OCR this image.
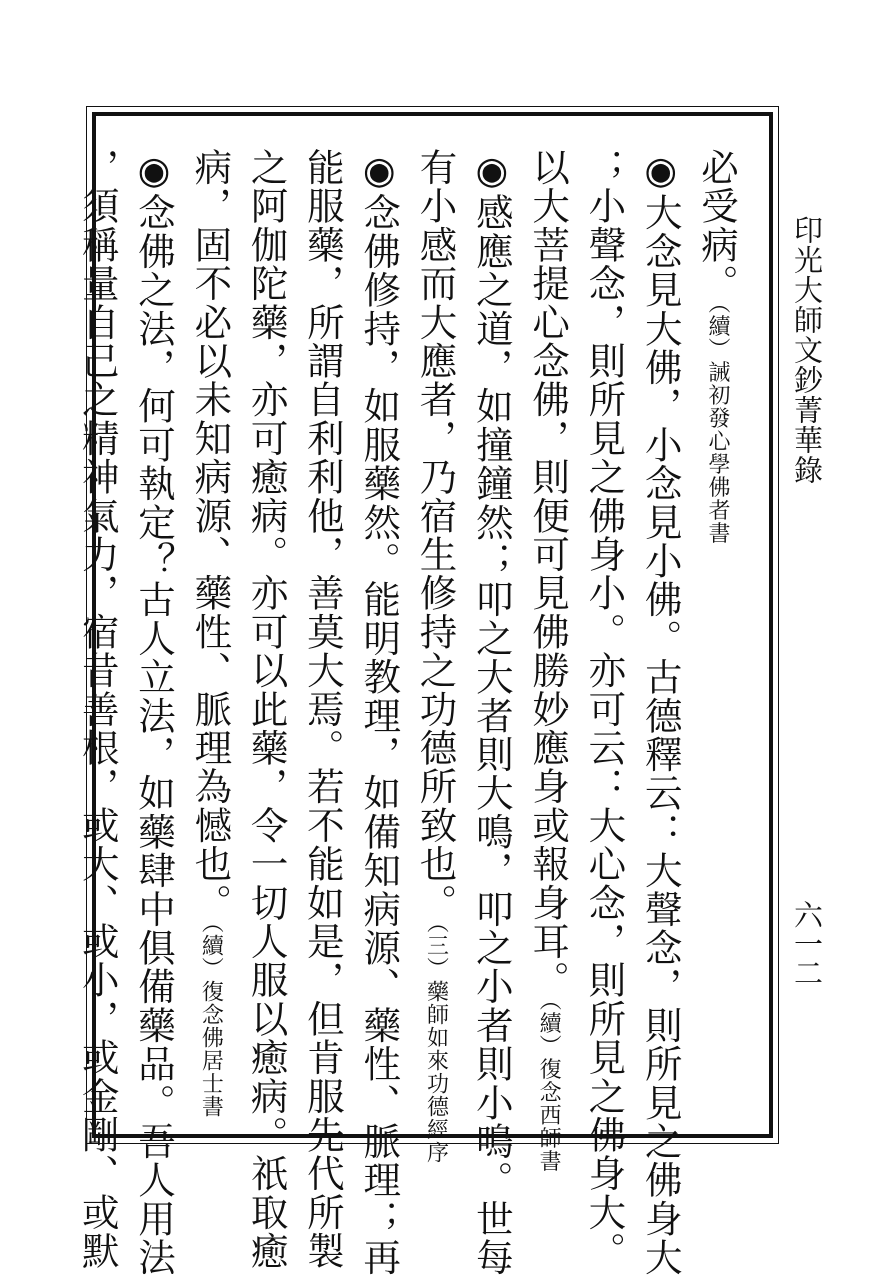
印光大師文鈔菁華錄
六一二
必受病。（續）誡初發心學佛者書
◉大念見大佛，小念見小佛。古德釋云：大聲念，則所見之佛身大
；小聲念，則所見之佛身小。亦可云：大心念，則所見之佛身大。
以大菩提心念佛，則便可見佛勝妙應身或報身耳。（續）復念西師書
◉感應之道，如撞鐘然；叩之大者則大鳴，叩之小者則小鳴。世每
有小感而大應者，乃宿生修持之功德所致也。（三）藥師如來功德經序
◉念佛修持，如服藥然。能明教理，如備知病源、藥性、脈理；再
能服藥，所謂自利利他，善莫大焉。若不能如是，但肯服先代所製
之阿伽陀藥，亦可癒病。亦可以此藥，令一切人服以癒病。祇取癒
病，固不必以未知病源、藥性、脈理為憾也。（續）復念佛居士書
◉念佛之法，何可執定？古人立法，如藥肆中俱備藥品。吾人用法
，須稱量自己之精神氣力，宿昔善根，或大、或小，或金剛、或默
